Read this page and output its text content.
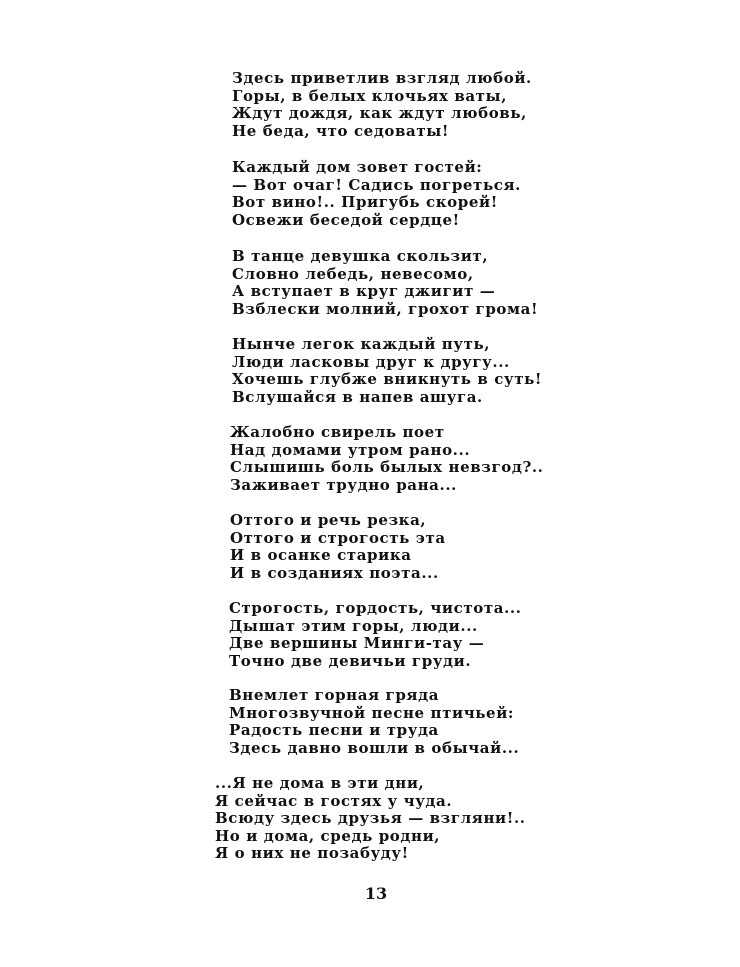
Здесь приветлив взгляд любой.
Горы, в белых клочьях ваты,
Ждут дождя, как ждут любовь,
Не беда, что седоваты!
Каждый дом зовет гостей:
— Вот очаг! Садись погреться.
Вот вино!.. Пригубь скорей!
Освежи беседой сердце!
В танце девушка скользит,
Словно лебедь, невесомо,
А вступает в круг джигит —
Взблески молний, грохот грома!
Нынче легок каждый путь,
Люди ласковы друг к другу...
Хочешь глубже вникнуть в суть!
Вслушайся в напев ашуга.
Жалобно свирель поет
Над домами утром рано...
Слышишь боль былых невзгод?..
Заживает трудно рана...
Оттого и речь резка,
Оттого и строгость эта
И в осанке старика
И в созданиях поэта...
Строгость, гордость, чистота...
Дышат этим горы, люди...
Две вершины Минги-тау —
Точно две девичьи груди.
Внемлет горная гряда
Многозвучной песне птичьей:
Радость песни и труда
Здесь давно вошли в обычай...
...Я не дома в эти дни,
Я сейчас в гостях у чуда.
Всюду здесь друзья — взгляни!..
Но и дома, средь родни,
Я о них не позабуду!
13
